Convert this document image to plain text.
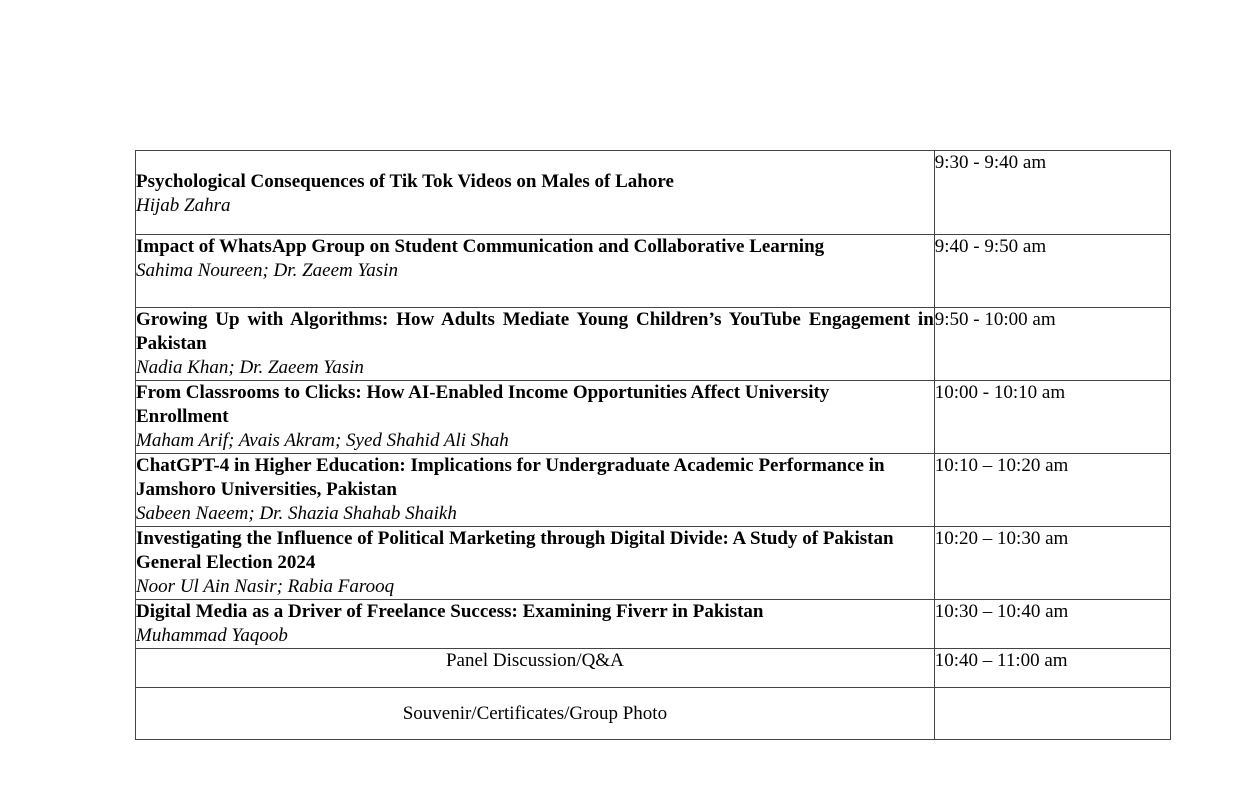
Psychological Consequences of Tik Tok Videos on Males of Lahore
Hijab Zahra	9:30 - 9:40 am

Impact of WhatsApp Group on Student Communication and Collaborative Learning
Sahima Noureen; Dr. Zaeem Yasin	9:40 - 9:50 am

Growing Up with Algorithms: How Adults Mediate Young Children’s YouTube Engagement in Pakistan
Nadia Khan; Dr. Zaeem Yasin	9:50 - 10:00 am

From Classrooms to Clicks: How AI-Enabled Income Opportunities Affect University Enrollment
Maham Arif; Avais Akram; Syed Shahid Ali Shah	10:00 - 10:10 am

ChatGPT-4 in Higher Education: Implications for Undergraduate Academic Performance in Jamshoro Universities, Pakistan
Sabeen Naeem; Dr. Shazia Shahab Shaikh	10:10 – 10:20 am

Investigating the Influence of Political Marketing through Digital Divide: A Study of Pakistan General Election 2024
Noor Ul Ain Nasir; Rabia Farooq	10:20 – 10:30 am

Digital Media as a Driver of Freelance Success: Examining Fiverr in Pakistan
Muhammad Yaqoob	10:30 – 10:40 am
Panel Discussion/Q&A	10:40 – 11:00 am
Souvenir/Certificates/Group Photo	
